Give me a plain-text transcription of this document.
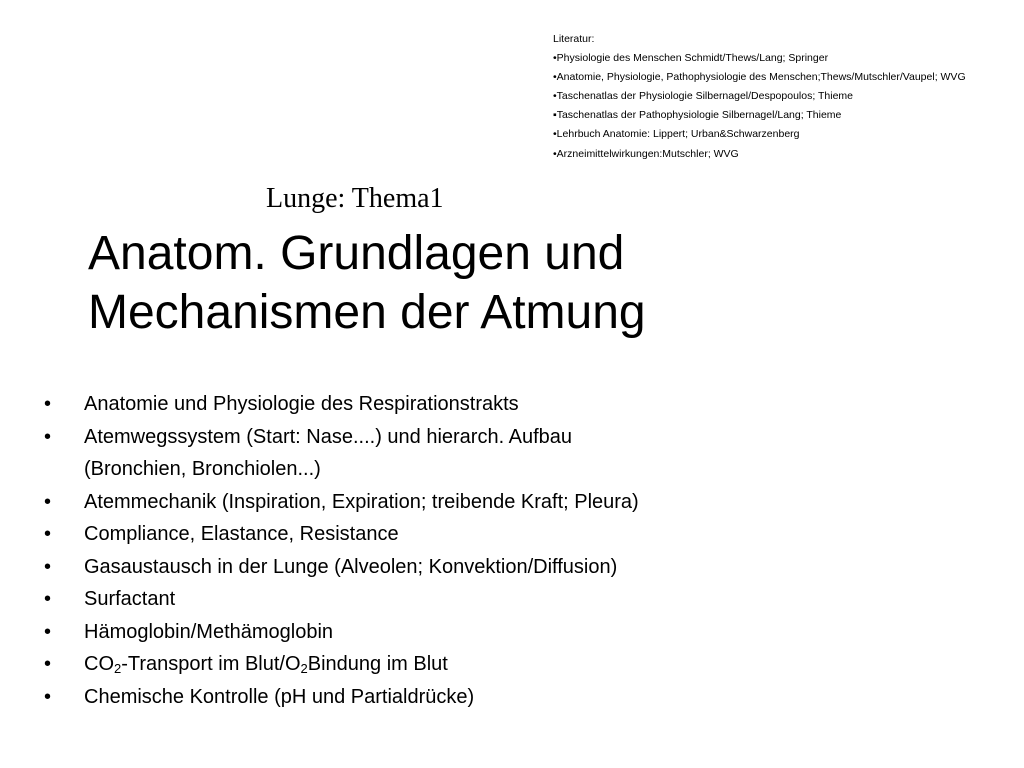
Literatur:
•Physiologie des Menschen Schmidt/Thews/Lang; Springer
•Anatomie, Physiologie, Pathophysiologie des Menschen;Thews/Mutschler/Vaupel; WVG
•Taschenatlas der Physiologie Silbernagel/Despopoulos; Thieme
▪Taschenatlas der Pathophysiologie Silbernagel/Lang; Thieme
•Lehrbuch Anatomie: Lippert; Urban&Schwarzenberg
•Arzneimittelwirkungen:Mutschler; WVG
Lunge: Thema1
Anatom. Grundlagen und
Mechanismen der Atmung
• Anatomie und Physiologie des Respirationstrakts
• Atemwegssystem (Start: Nase....) und hierarch. Aufbau
(Bronchien, Bronchiolen...)
• Atemmechanik (Inspiration, Expiration; treibende Kraft; Pleura)
• Compliance, Elastance, Resistance
• Gasaustausch in der Lunge (Alveolen; Konvektion/Diffusion)
• Surfactant
• Hämoglobin/Methämoglobin
• $CO_2$-Transport im Blut/$O_2Bindung$ im Blut
• Chemische Kontrolle (pH und Partialdrücke)
